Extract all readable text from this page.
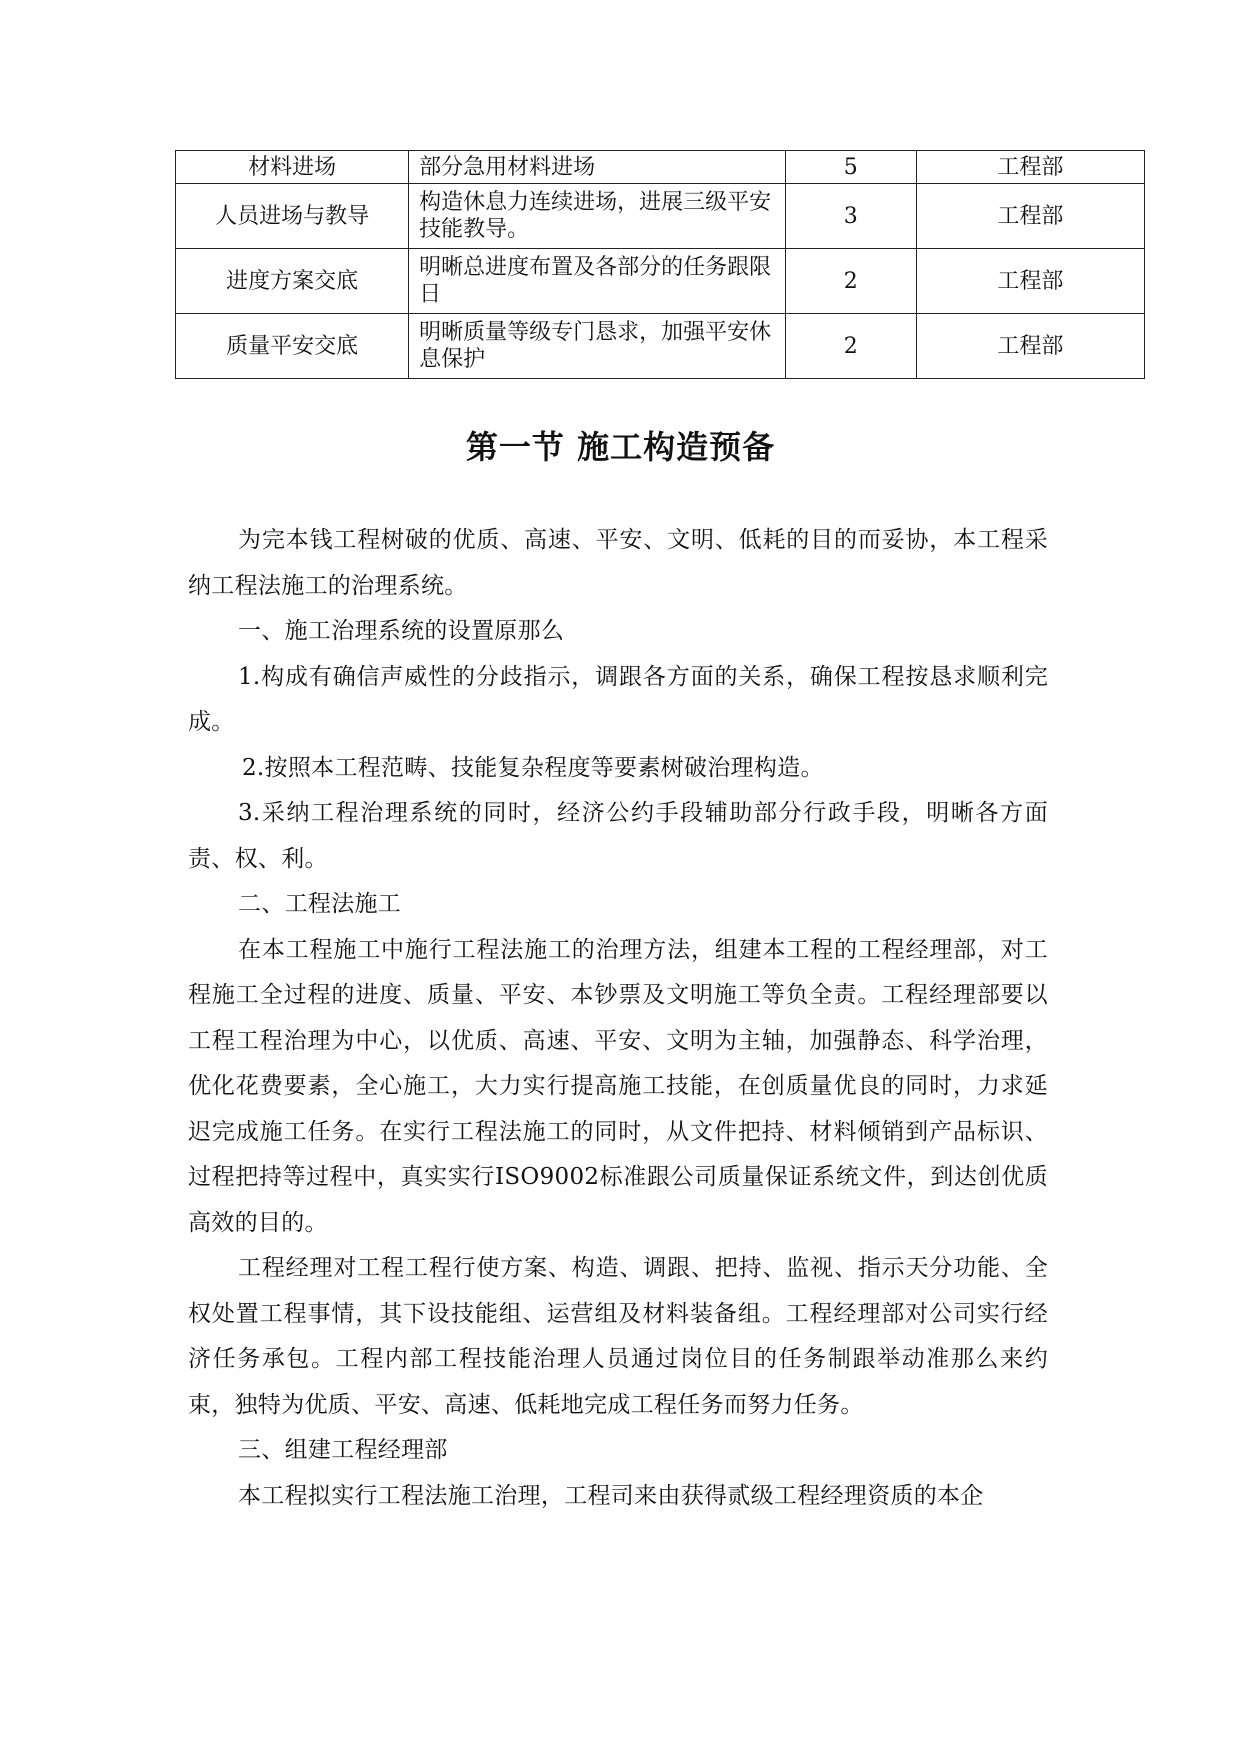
材料进场	部分急用材料进场	5	工程部
人员进场与教导	构造休息力连续进场，进展三级平安技能教导。	3	工程部
进度方案交底	明晰总进度布置及各部分的任务跟限日	2	工程部
质量平安交底	明晰质量等级专门恳求，加强平安休息保护	2	工程部
第一节 施工构造预备

为完本钱工程树破的优质、高速、平安、文明、低耗的目的而妥协，本工程采纳工程法施工的治理系统。

一、施工治理系统的设置原那么

1.构成有确信声威性的分歧指示，调跟各方面的关系，确保工程按恳求顺利完成。

2.按照本工程范畴、技能复杂程度等要素树破治理构造。

3.采纳工程治理系统的同时，经济公约手段辅助部分行政手段，明晰各方面责、权、利。

二、工程法施工

在本工程施工中施行工程法施工的治理方法，组建本工程的工程经理部，对工程施工全过程的进度、质量、平安、本钞票及文明施工等负全责。工程经理部要以工程工程治理为中心，以优质、高速、平安、文明为主轴，加强静态、科学治理，优化花费要素，全心施工，大力实行提高施工技能，在创质量优良的同时，力求延迟完成施工任务。在实行工程法施工的同时，从文件把持、材料倾销到产品标识、过程把持等过程中，真实实行ISO9002标准跟公司质量保证系统文件，到达创优质高效的目的。

工程经理对工程工程行使方案、构造、调跟、把持、监视、指示天分功能、全权处置工程事情，其下设技能组、运营组及材料装备组。工程经理部对公司实行经济任务承包。工程内部工程技能治理人员通过岗位目的任务制跟举动准那么来约束，独特为优质、平安、高速、低耗地完成工程任务而努力任务。

三、组建工程经理部

本工程拟实行工程法施工治理，工程司来由获得贰级工程经理资质的本企
